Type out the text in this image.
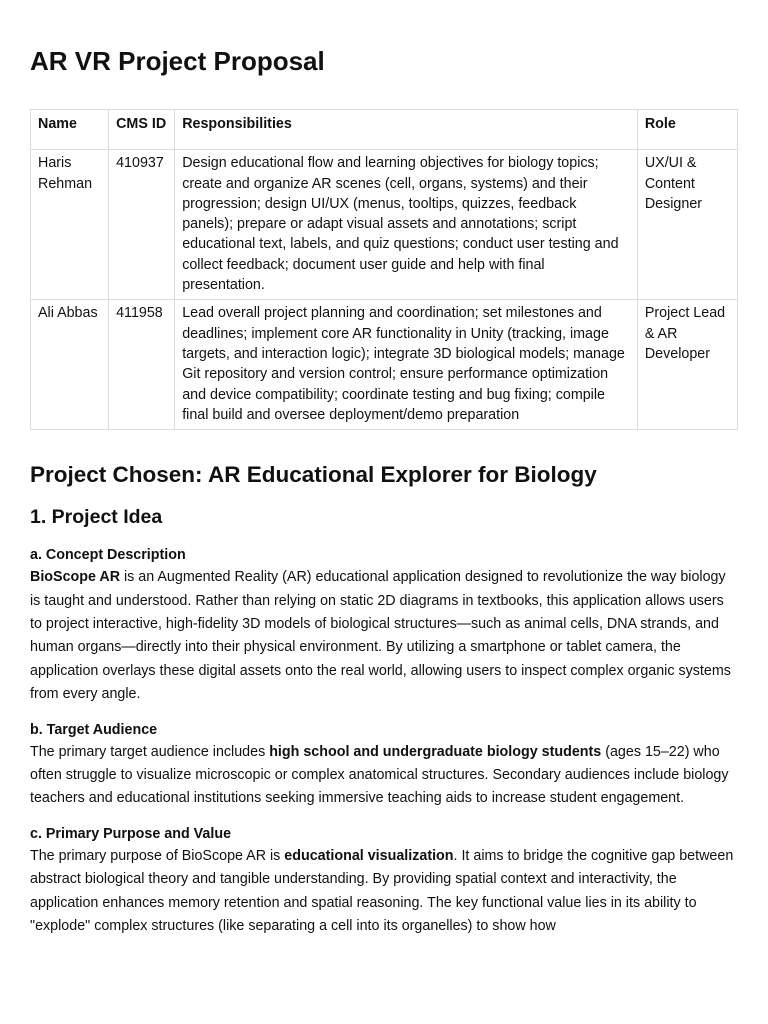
AR VR Project Proposal
Name	CMS ID	Responsibilities	Role
Haris Rehman	410937	Design educational flow and learning objectives for biology topics; create and organize AR scenes (cell, organs, systems) and their progression; design UI/UX (menus, tooltips, quizzes, feedback panels); prepare or adapt visual assets and annotations; script educational text, labels, and quiz questions; conduct user testing and collect feedback; document user guide and help with final presentation.	UX/UI & Content Designer
Ali Abbas	411958	Lead overall project planning and coordination; set milestones and deadlines; implement core AR functionality in Unity (tracking, image targets, and interaction logic); integrate 3D biological models; manage Git repository and version control; ensure performance optimization and device compatibility; coordinate testing and bug fixing; compile final build and oversee deployment/demo preparation	Project Lead & AR Developer
Project Chosen: AR Educational Explorer for Biology
1. Project Idea
a. Concept Description

BioScope AR is an Augmented Reality (AR) educational application designed to revolutionize the way biology is taught and understood. Rather than relying on static 2D diagrams in textbooks, this application allows users to project interactive, high-fidelity 3D models of biological structures—such as animal cells, DNA strands, and human organs—directly into their physical environment. By utilizing a smartphone or tablet camera, the application overlays these digital assets onto the real world, allowing users to inspect complex organic systems from every angle.

b. Target Audience

The primary target audience includes high school and undergraduate biology students (ages 15–22) who often struggle to visualize microscopic or complex anatomical structures. Secondary audiences include biology teachers and educational institutions seeking immersive teaching aids to increase student engagement.

c. Primary Purpose and Value

The primary purpose of BioScope AR is educational visualization. It aims to bridge the cognitive gap between abstract biological theory and tangible understanding. By providing spatial context and interactivity, the application enhances memory retention and spatial reasoning. The key functional value lies in its ability to "explode" complex structures (like separating a cell into its organelles) to show how
